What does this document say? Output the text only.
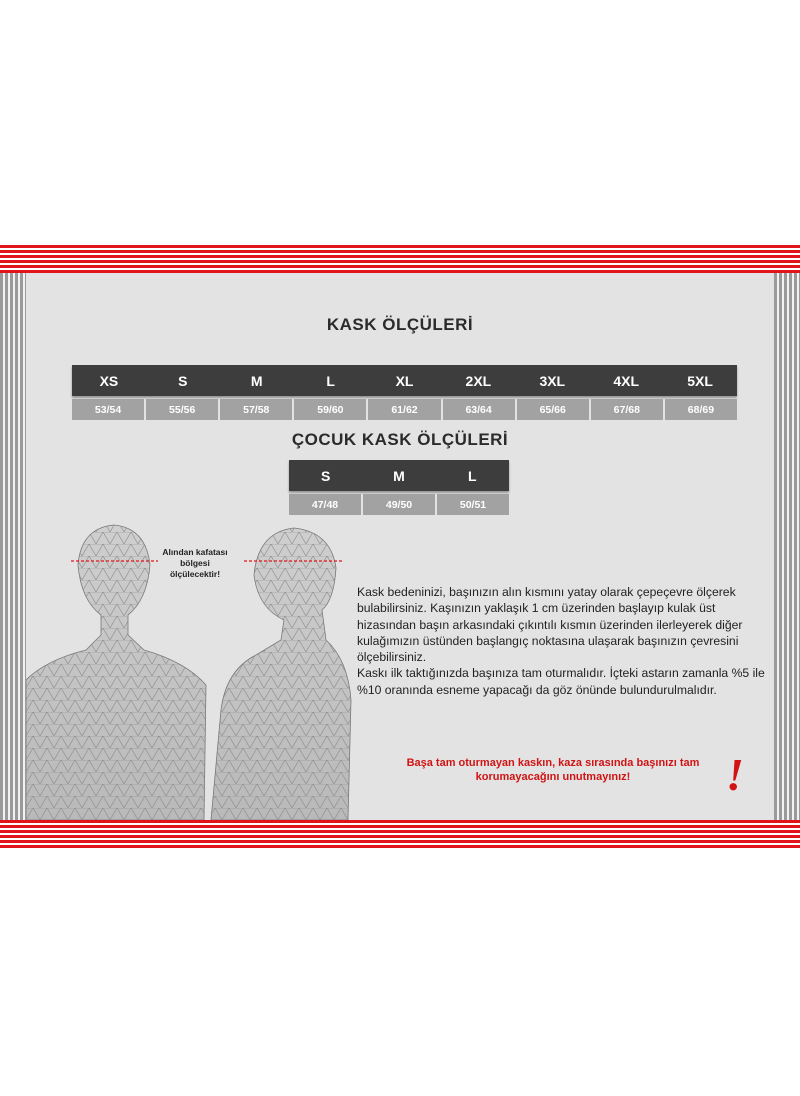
KASK ÖLÇÜLERİ
XS	S	M	L	XL	2XL	3XL	4XL	5XL
53/54	55/56	57/58	59/60	61/62	63/64	65/66	67/68	68/69
ÇOCUK KASK ÖLÇÜLERİ
S	M	L
47/48	49/50	50/51
Alından kafatası
bölgesi
ölçülecektir!

Kask bedeninizi, başınızın alın kısmını yatay olarak çepeçevre ölçerek bulabilirsiniz. Kaşınızın yaklaşık 1 cm üzerinden başlayıp kulak üst hizasından başın arkasındaki çıkıntılı kısmın üzerinden ilerleyerek diğer kulağımızın üstünden başlangıç noktasına ulaşarak başınızın çevresini ölçebilirsiniz.

Kaskı ilk taktığınızda başınıza tam oturmalıdır. İçteki astarın zamanla %5 ile %10 oranında esneme yapacağı da göz önünde bulundurulmalıdır.

Başa tam oturmayan kaskın, kaza sırasında başınızı tam
korumayacağını unutmayınız!	!
